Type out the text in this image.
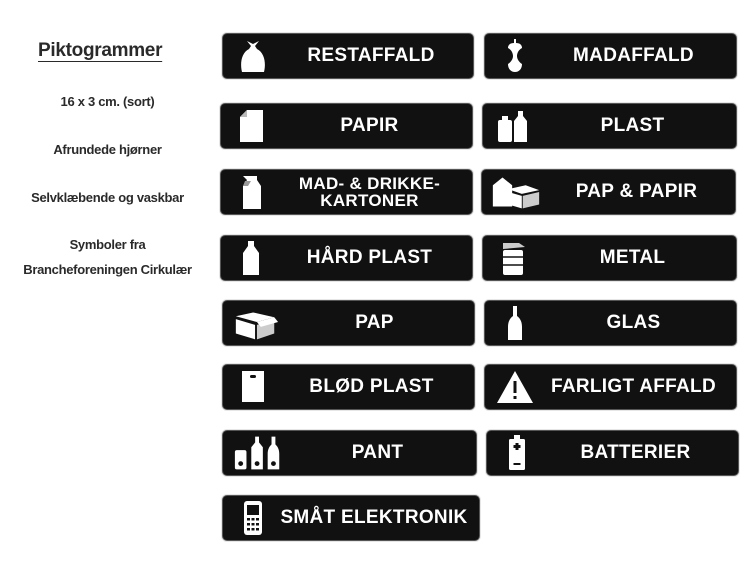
Piktogrammer
16 x 3 cm. (sort)
Afrundede hjørner
Selvklæbende og vaskbar
Symboler fra
Brancheforeningen Cirkulær
RESTAFFALD	MADAFFALD
PAPIR	PLAST
MAD- & DRIKKE-
KARTONER	PAP & PAPIR
HÅRD PLAST	METAL
PAP	GLAS
BLØD PLAST	FARLIGT AFFALD
PANT	BATTERIER
SMÅT ELEKTRONIK
